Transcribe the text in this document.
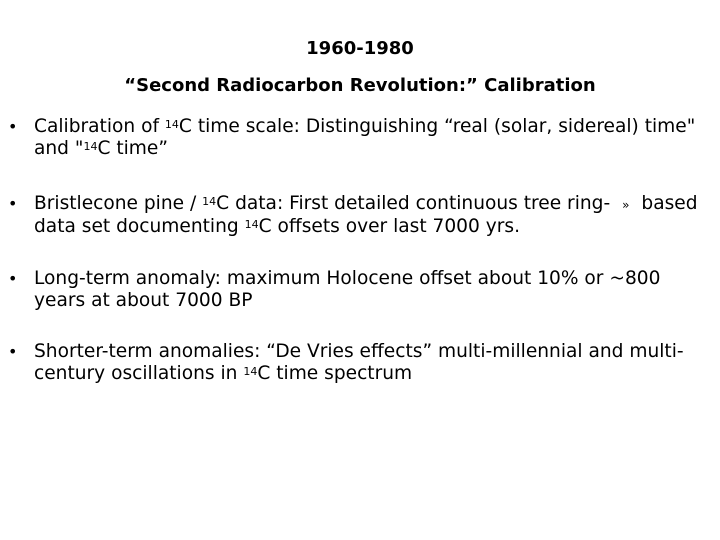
1960-1980
“Second Radiocarbon Revolution:” Calibration
• Calibration of $^{14}$C time scale: Distinguishing “real (solar, sidereal) time" and "$^{14}$C time”
• Bristlecone pine / $^{14}$C data: First detailed continuous tree ring- » based data set documenting $^{14}$C offsets over last 7000 yrs.
• Long-term anomaly: maximum Holocene offset about 10% or ~800 years at about 7000 BP
• Shorter-term anomalies: “De Vries effects” multi-millennial and multi-century oscillations in $^{14}$C time spectrum
